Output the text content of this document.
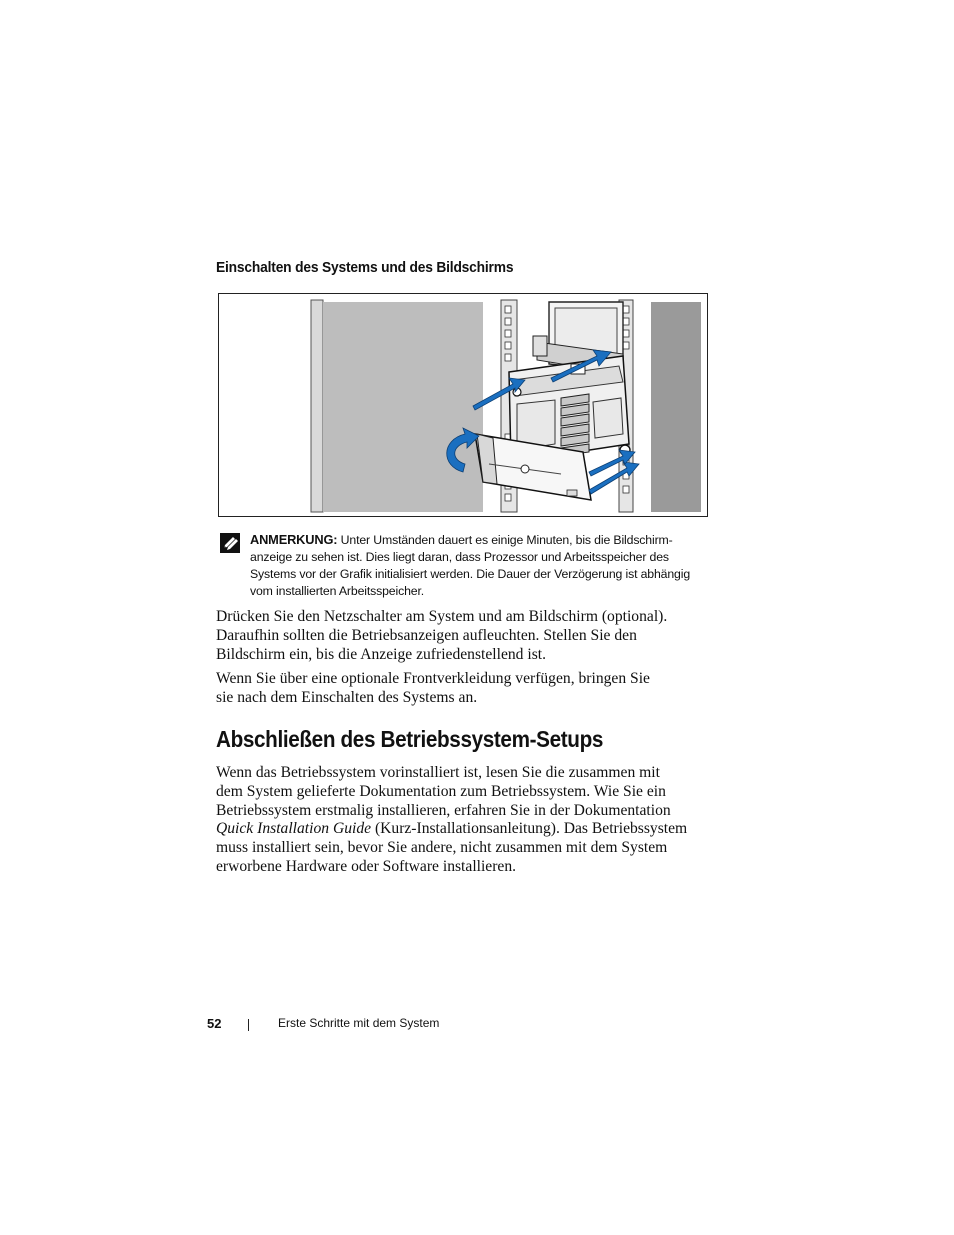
Einschalten des Systems und des Bildschirms

ANMERKUNG: Unter Umständen dauert es einige Minuten, bis die Bildschirm-
anzeige zu sehen ist. Dies liegt daran, dass Prozessor und Arbeitsspeicher des
Systems vor der Grafik initialisiert werden. Die Dauer der Verzögerung ist abhängig
vom installierten Arbeitsspeicher.

Drücken Sie den Netzschalter am System und am Bildschirm (optional).
Daraufhin sollten die Betriebsanzeigen aufleuchten. Stellen Sie den
Bildschirm ein, bis die Anzeige zufriedenstellend ist.

Wenn Sie über eine optionale Frontverkleidung verfügen, bringen Sie
sie nach dem Einschalten des Systems an.

Abschließen des Betriebssystem-Setups

Wenn das Betriebssystem vorinstalliert ist, lesen Sie die zusammen mit
dem System gelieferte Dokumentation zum Betriebssystem. Wie Sie ein
Betriebssystem erstmalig installieren, erfahren Sie in der Dokumentation
Quick Installation Guide (Kurz-Installationsanleitung). Das Betriebssystem
muss installiert sein, bevor Sie andere, nicht zusammen mit dem System
erworbene Hardware oder Software installieren.

52	Erste Schritte mit dem System
